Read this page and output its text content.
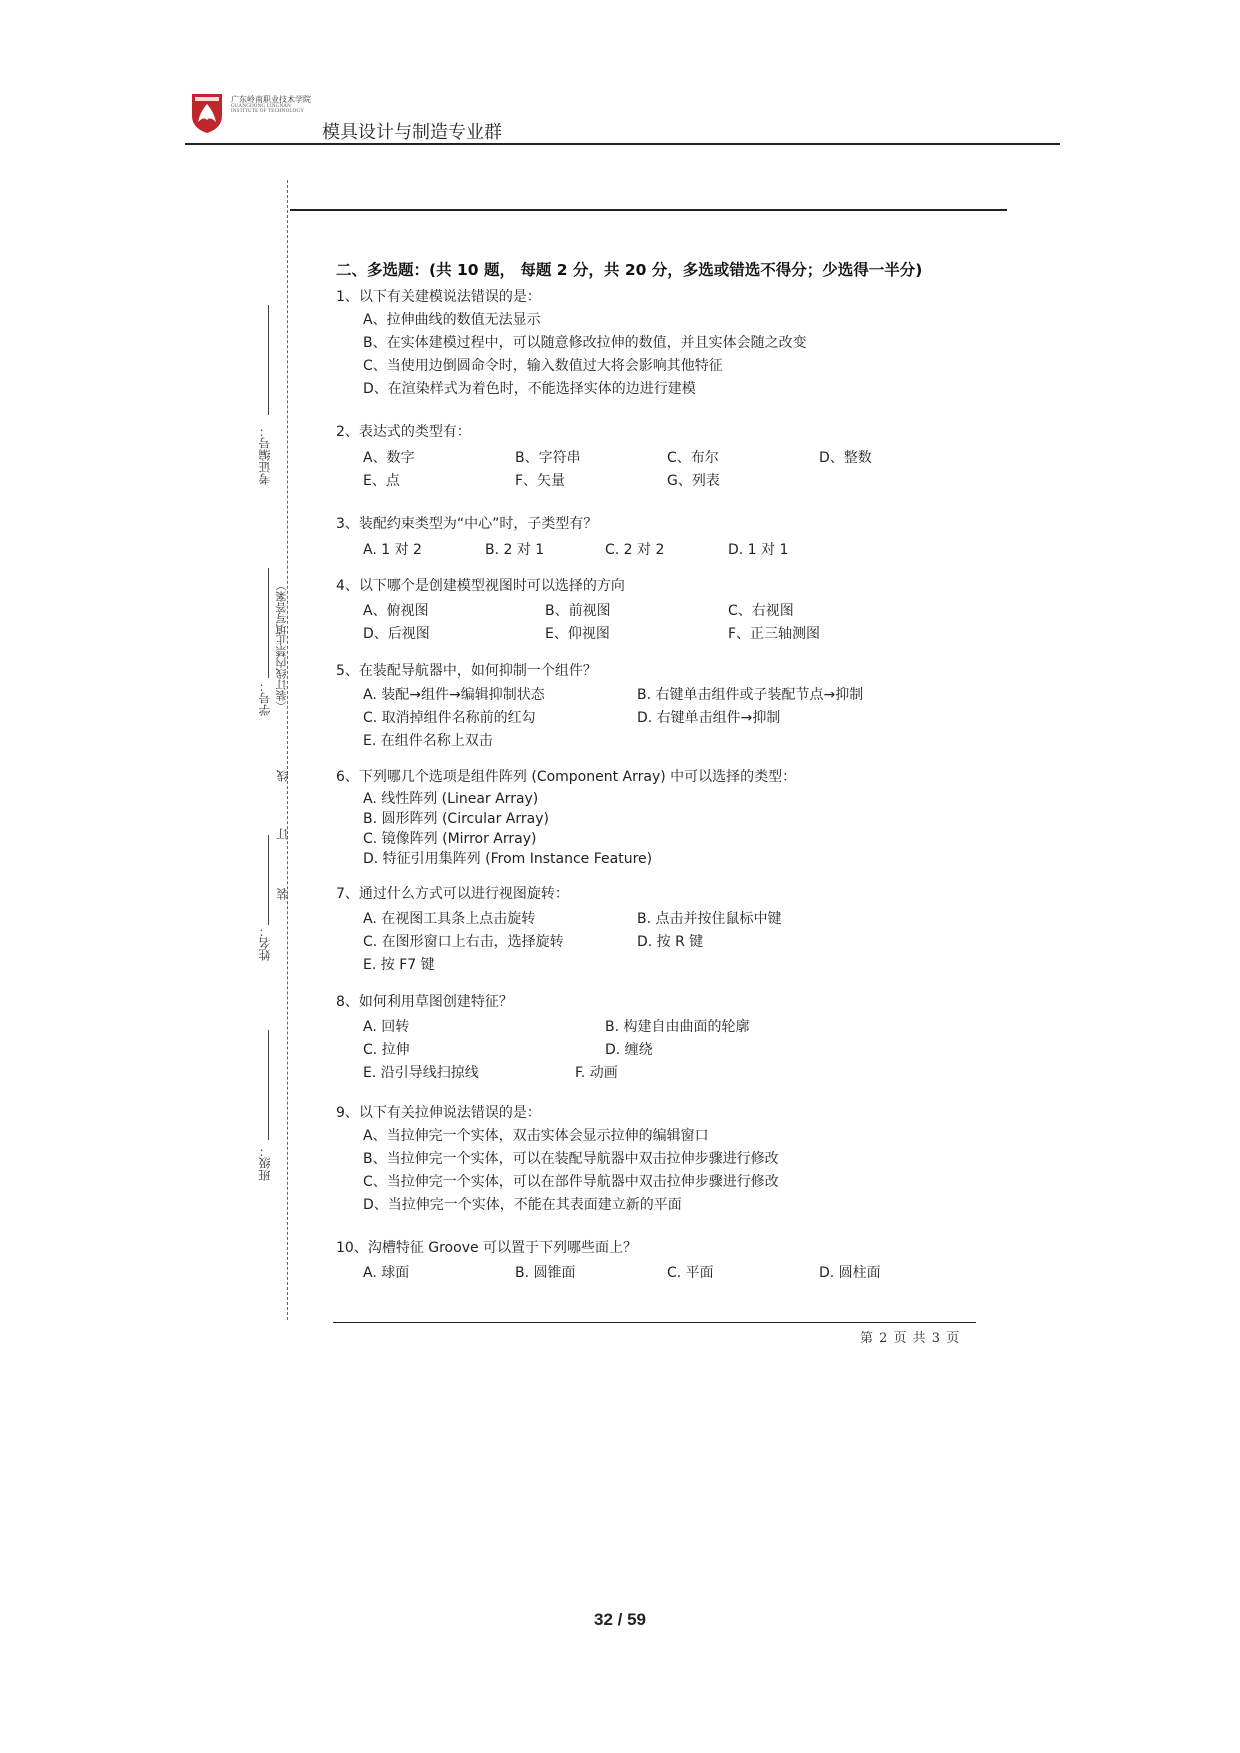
广东岭南职业技术学院
GUANGDONG LINGNAN
INSTITUTE OF TECHNOLOGY
模具设计与制造专业群
考证编号：
学号： （装订线内禁止填写答案）
线
订
装
姓名：
班级：
二、多选题：(共 10 题， 每题 2 分，共 20 分，多选或错选不得分；少选得一半分)
1、以下有关建模说法错误的是：
A、拉伸曲线的数值无法显示
B、在实体建模过程中，可以随意修改拉伸的数值，并且实体会随之改变
C、当使用边倒圆命令时，输入数值过大将会影响其他特征
D、在渲染样式为着色时，不能选择实体的边进行建模
2、表达式的类型有：
A、数字	B、字符串	C、布尔	D、整数
E、点	F、矢量	G、列表
3、装配约束类型为“中心”时，子类型有？
A. 1 对 2	B. 2 对 1	C. 2 对 2	D. 1 对 1
4、以下哪个是创建模型视图时可以选择的方向
A、俯视图	B、前视图	C、右视图
D、后视图	E、仰视图	F、正三轴测图
5、在装配导航器中，如何抑制一个组件？
A. 装配→组件→编辑抑制状态	B. 右键单击组件或子装配节点→抑制
C. 取消掉组件名称前的红勾	D. 右键单击组件→抑制
E. 在组件名称上双击
6、下列哪几个选项是组件阵列 (Component Array) 中可以选择的类型：
A. 线性阵列 (Linear Array)
B. 圆形阵列 (Circular Array)
C. 镜像阵列 (Mirror Array)
D. 特征引用集阵列 (From Instance Feature)
7、通过什么方式可以进行视图旋转：
A. 在视图工具条上点击旋转	B. 点击并按住鼠标中键
C. 在图形窗口上右击，选择旋转	D. 按 R 键
E. 按 F7 键
8、如何利用草图创建特征？
A. 回转	B. 构建自由曲面的轮廓
C. 拉伸	D. 缠绕
E. 沿引导线扫掠线	F. 动画
9、以下有关拉伸说法错误的是：
A、当拉伸完一个实体，双击实体会显示拉伸的编辑窗口
B、当拉伸完一个实体，可以在装配导航器中双击拉伸步骤进行修改
C、当拉伸完一个实体，可以在部件导航器中双击拉伸步骤进行修改
D、当拉伸完一个实体，不能在其表面建立新的平面
10、沟槽特征 Groove 可以置于下列哪些面上？
A. 球面	B. 圆锥面	C. 平面	D. 圆柱面
第 2 页 共 3 页
32 / 59
